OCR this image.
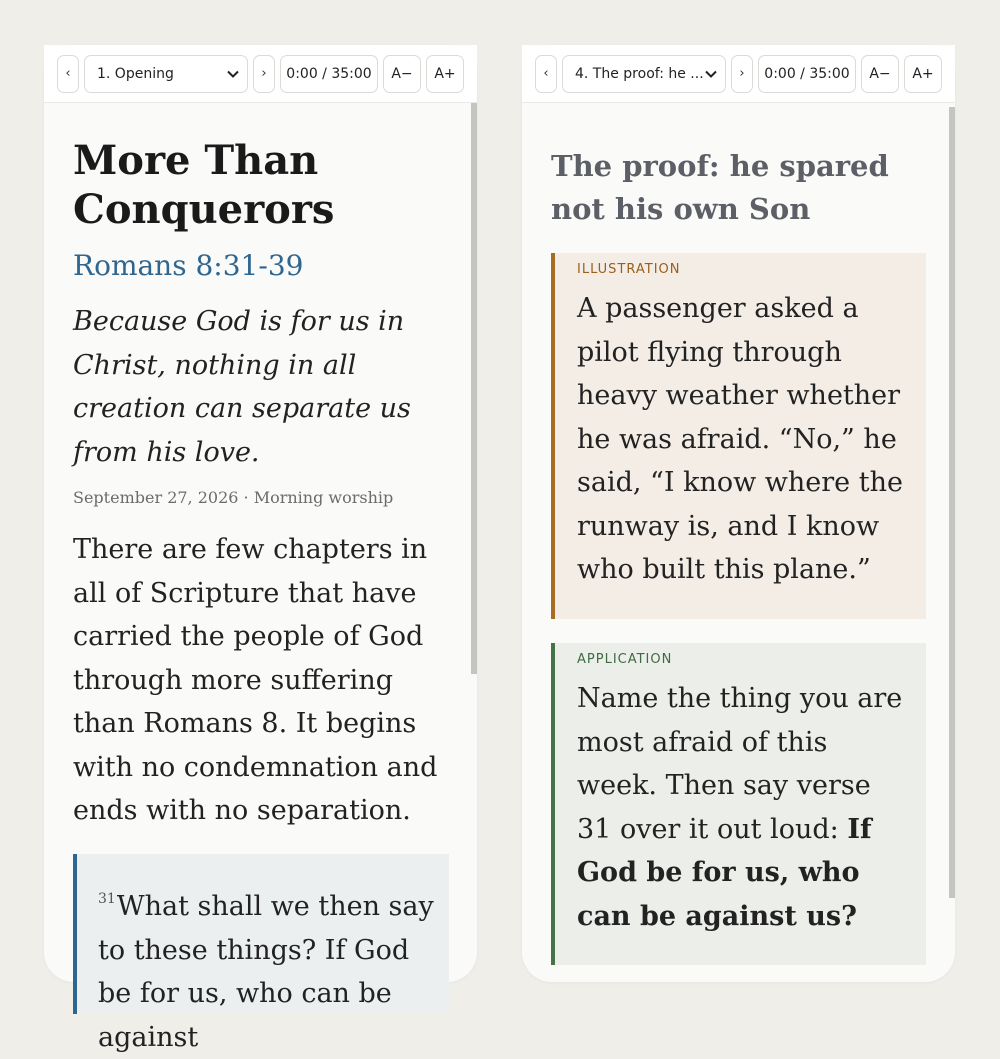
‹	1. Opening	›	0:00 / 35:00	A−	A+
More Than Conquerors
Romans 8:31-39
Because God is for us in Christ, nothing in all creation can separate us from his love.
September 27, 2026 · Morning worship
There are few chapters in all of Scripture that have carried the people of God through more suffering than Romans 8. It begins with no condemnation and ends with no separation.
$^{31}$What shall we then say to these things? If God be for us, who can be against
‹	4. The proof: he ...	›	0:00 / 35:00	A−	A+
The proof: he spared not his own Son
ILLUSTRATION
A passenger asked a pilot flying through heavy weather whether he was afraid. “No,” he said, “I know where the runway is, and I know who built this plane.”
APPLICATION
Name the thing you are most afraid of this week. Then say verse 31 over it out loud: If God be for us, who can be against us?
